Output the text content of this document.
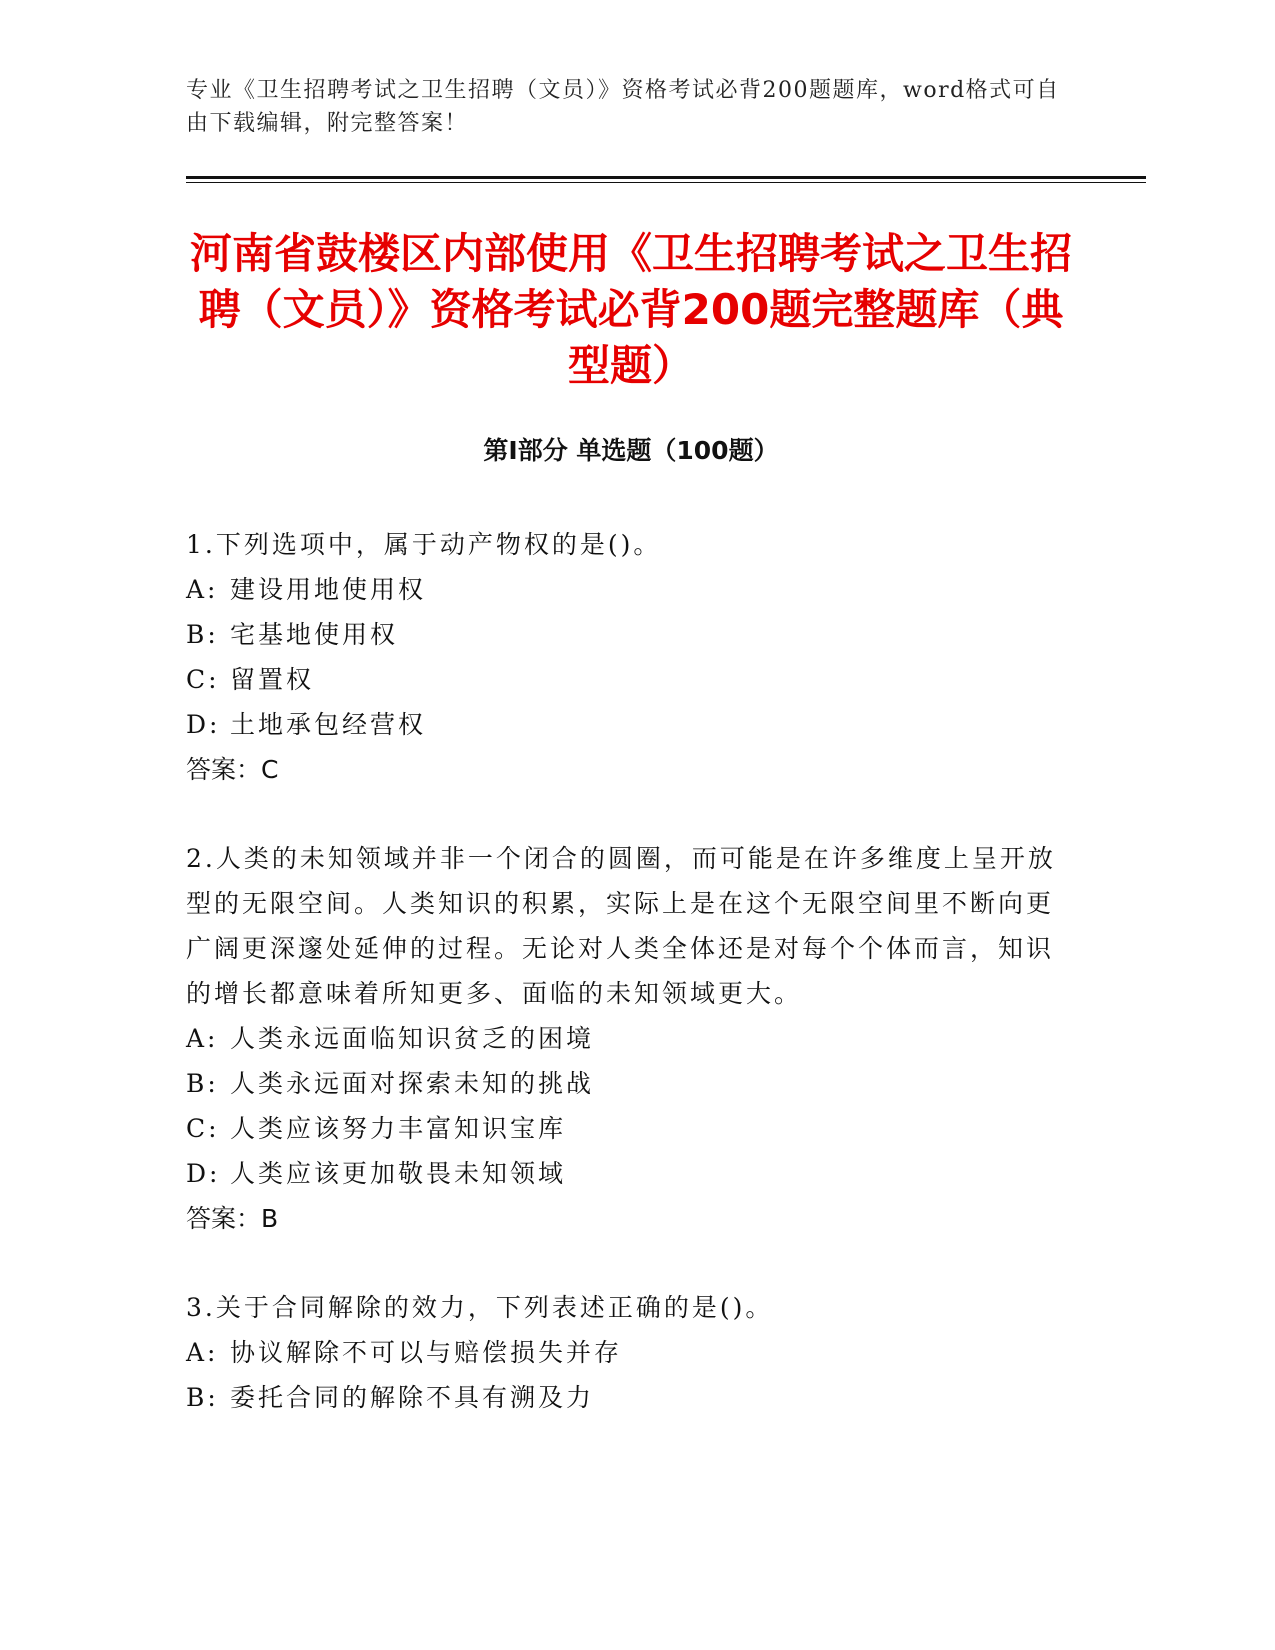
专业《卫生招聘考试之卫生招聘（文员）》资格考试必背200题题库，word格式可自由下载编辑，附完整答案！
河南省鼓楼区内部使用《卫生招聘考试之卫生招聘（文员）》资格考试必背200题完整题库（典型题）
第Ⅰ部分 单选题（100题）

1.下列选项中，属于动产物权的是()。

A: 建设用地使用权

B: 宅基地使用权

C: 留置权

D: 土地承包经营权

答案：C

2.人类的未知领域并非一个闭合的圆圈，而可能是在许多维度上呈开放型的无限空间。人类知识的积累，实际上是在这个无限空间里不断向更广阔更深邃处延伸的过程。无论对人类全体还是对每个个体而言，知识的增长都意味着所知更多、面临的未知领域更大。

A: 人类永远面临知识贫乏的困境

B: 人类永远面对探索未知的挑战

C: 人类应该努力丰富知识宝库

D: 人类应该更加敬畏未知领域

答案：B

3.关于合同解除的效力，下列表述正确的是()。

A: 协议解除不可以与赔偿损失并存

B: 委托合同的解除不具有溯及力
